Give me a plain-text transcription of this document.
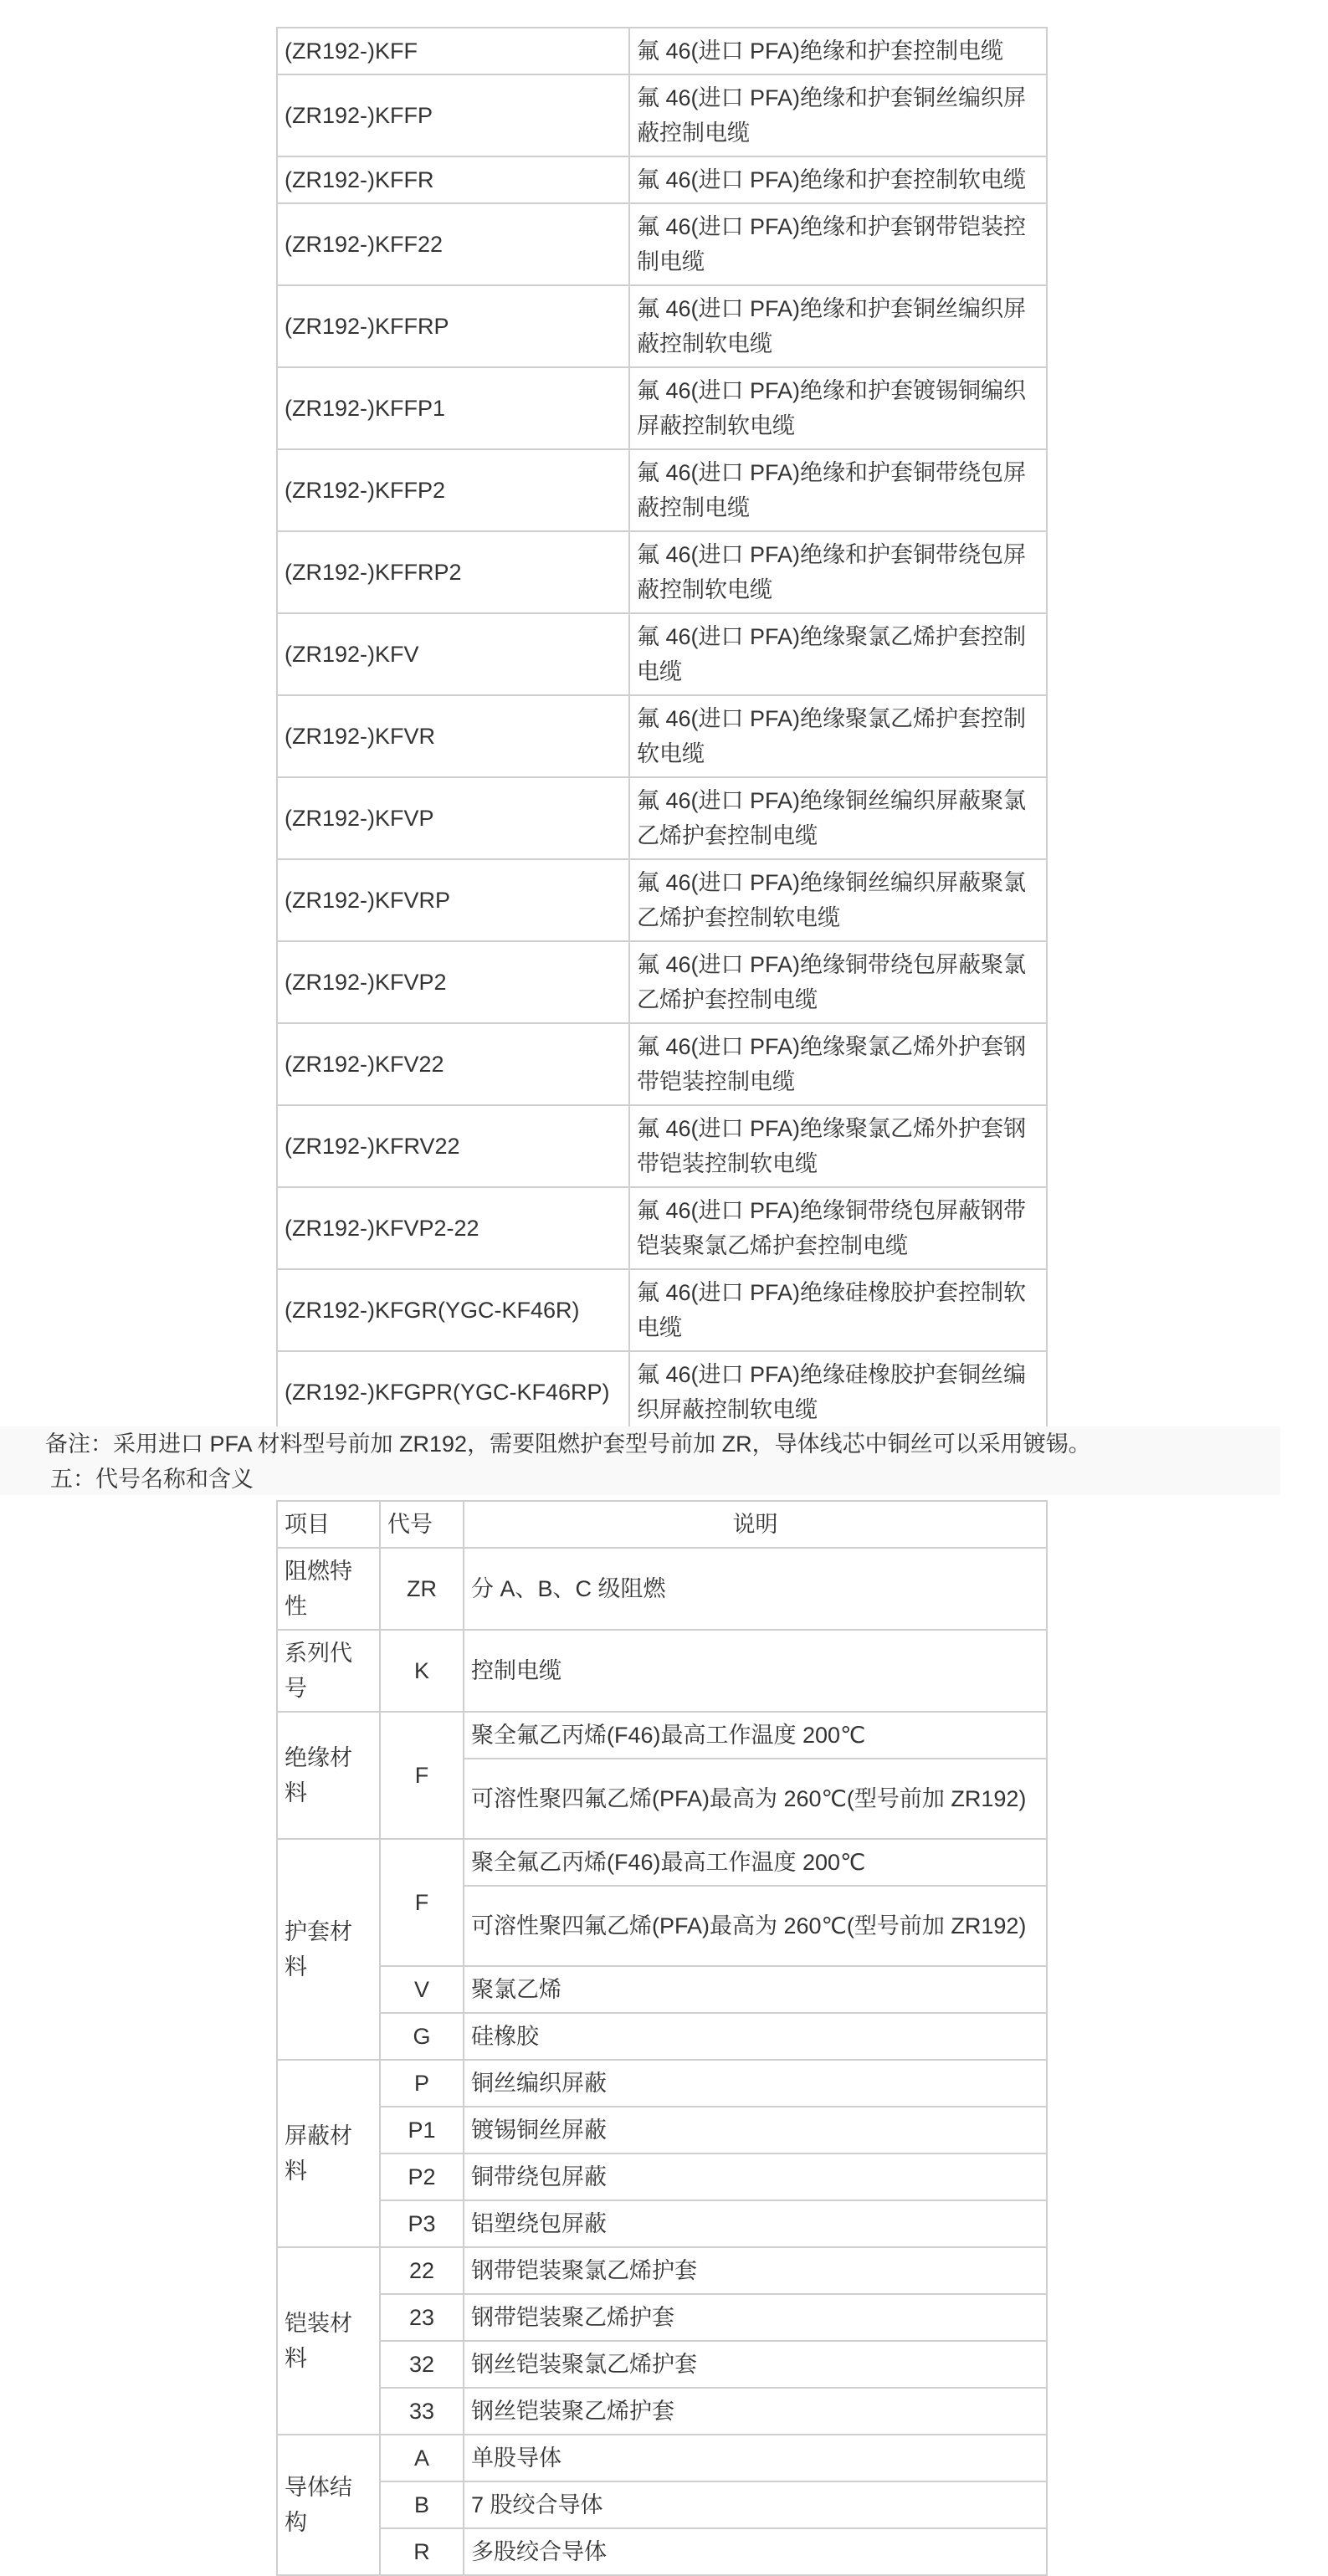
(ZR192-)KFF	氟 46(进口 PFA)绝缘和护套控制电缆
(ZR192-)KFFP	氟 46(进口 PFA)绝缘和护套铜丝编织屏蔽控制电缆
(ZR192-)KFFR	氟 46(进口 PFA)绝缘和护套控制软电缆
(ZR192-)KFF22	氟 46(进口 PFA)绝缘和护套钢带铠装控制电缆
(ZR192-)KFFRP	氟 46(进口 PFA)绝缘和护套铜丝编织屏蔽控制软电缆
(ZR192-)KFFP1	氟 46(进口 PFA)绝缘和护套镀锡铜编织屏蔽控制软电缆
(ZR192-)KFFP2	氟 46(进口 PFA)绝缘和护套铜带绕包屏蔽控制电缆
(ZR192-)KFFRP2	氟 46(进口 PFA)绝缘和护套铜带绕包屏蔽控制软电缆
(ZR192-)KFV	氟 46(进口 PFA)绝缘聚氯乙烯护套控制电缆
(ZR192-)KFVR	氟 46(进口 PFA)绝缘聚氯乙烯护套控制软电缆
(ZR192-)KFVP	氟 46(进口 PFA)绝缘铜丝编织屏蔽聚氯乙烯护套控制电缆
(ZR192-)KFVRP	氟 46(进口 PFA)绝缘铜丝编织屏蔽聚氯乙烯护套控制软电缆
(ZR192-)KFVP2	氟 46(进口 PFA)绝缘铜带绕包屏蔽聚氯乙烯护套控制电缆
(ZR192-)KFV22	氟 46(进口 PFA)绝缘聚氯乙烯外护套钢带铠装控制电缆
(ZR192-)KFRV22	氟 46(进口 PFA)绝缘聚氯乙烯外护套钢带铠装控制软电缆
(ZR192-)KFVP2-22	氟 46(进口 PFA)绝缘铜带绕包屏蔽钢带铠装聚氯乙烯护套控制电缆
(ZR192-)KFGR(YGC-KF46R)	氟 46(进口 PFA)绝缘硅橡胶护套控制软电缆
(ZR192-)KFGPR(YGC-KF46RP)	氟 46(进口 PFA)绝缘硅橡胶护套铜丝编织屏蔽控制软电缆
备注：采用进口 PFA 材料型号前加 ZR192，需要阻燃护套型号前加 ZR，导体线芯中铜丝可以采用镀锡。
五：代号名称和含义
项目	代号	说明
阻燃特性	ZR	分 A、B、C 级阻燃
系列代号	K	控制电缆
绝缘材料	F	聚全氟乙丙烯(F46)最高工作温度 200℃
		可溶性聚四氟乙烯(PFA)最高为 260℃(型号前加 ZR192)
护套材料	F	聚全氟乙丙烯(F46)最高工作温度 200℃
		可溶性聚四氟乙烯(PFA)最高为 260℃(型号前加 ZR192)
	V	聚氯乙烯
	G	硅橡胶
屏蔽材料	P	铜丝编织屏蔽
	P1	镀锡铜丝屏蔽
	P2	铜带绕包屏蔽
	P3	铝塑绕包屏蔽
铠装材料	22	钢带铠装聚氯乙烯护套
	23	钢带铠装聚乙烯护套
	32	钢丝铠装聚氯乙烯护套
	33	钢丝铠装聚乙烯护套
导体结构	A	单股导体
	B	7 股绞合导体
	R	多股绞合导体
